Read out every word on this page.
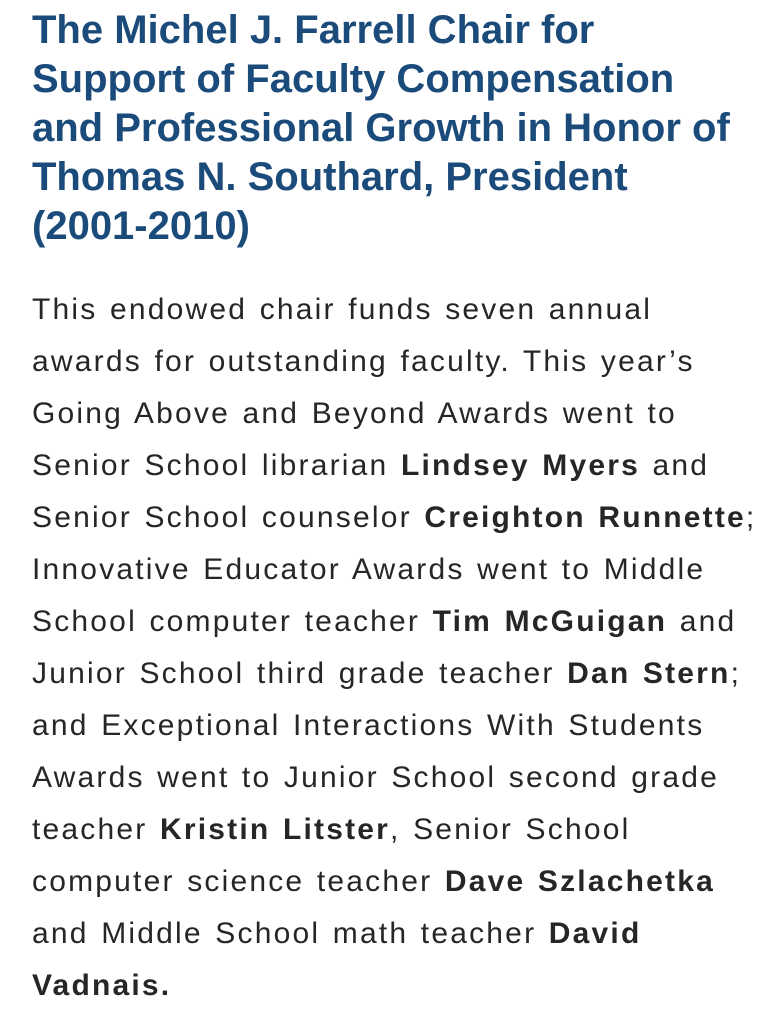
The Michel J. Farrell Chair for
Support of Faculty Compensation
and Professional Growth in Honor of
Thomas N. Southard, President
(2001-2010)
This endowed chair funds seven annual
awards for outstanding faculty. This year’s
Going Above and Beyond Awards went to
Senior School librarian Lindsey Myers and
Senior School counselor Creighton Runnette;
Innovative Educator Awards went to Middle
School computer teacher Tim McGuigan and
Junior School third grade teacher Dan Stern;
and Exceptional Interactions With Students
Awards went to Junior School second grade
teacher Kristin Litster, Senior School
computer science teacher Dave Szlachetka
and Middle School math teacher David
Vadnais.
